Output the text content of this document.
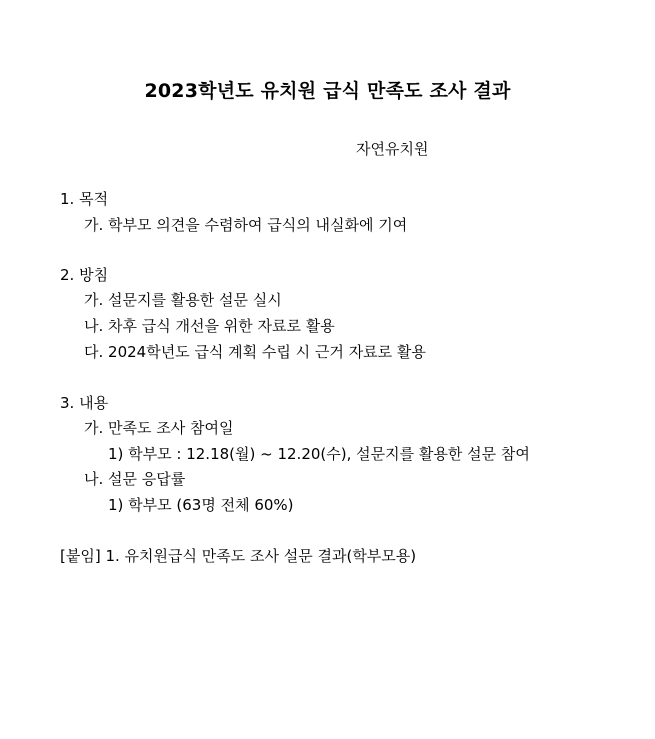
2023학년도 유치원 급식 만족도 조사 결과
자연유치원
1. 목적
가. 학부모 의견을 수렴하여 급식의 내실화에 기여
2. 방침
가. 설문지를 활용한 설문 실시
나. 차후 급식 개선을 위한 자료로 활용
다. 2024학년도 급식 계획 수립 시 근거 자료로 활용
3. 내용
가. 만족도 조사 참여일
1) 학부모 : 12.18(월) ~ 12.20(수), 설문지를 활용한 설문 참여
나. 설문 응답률
1) 학부모 (63명 전체 60%)
[붙임] 1. 유치원급식 만족도 조사 설문 결과(학부모용)
